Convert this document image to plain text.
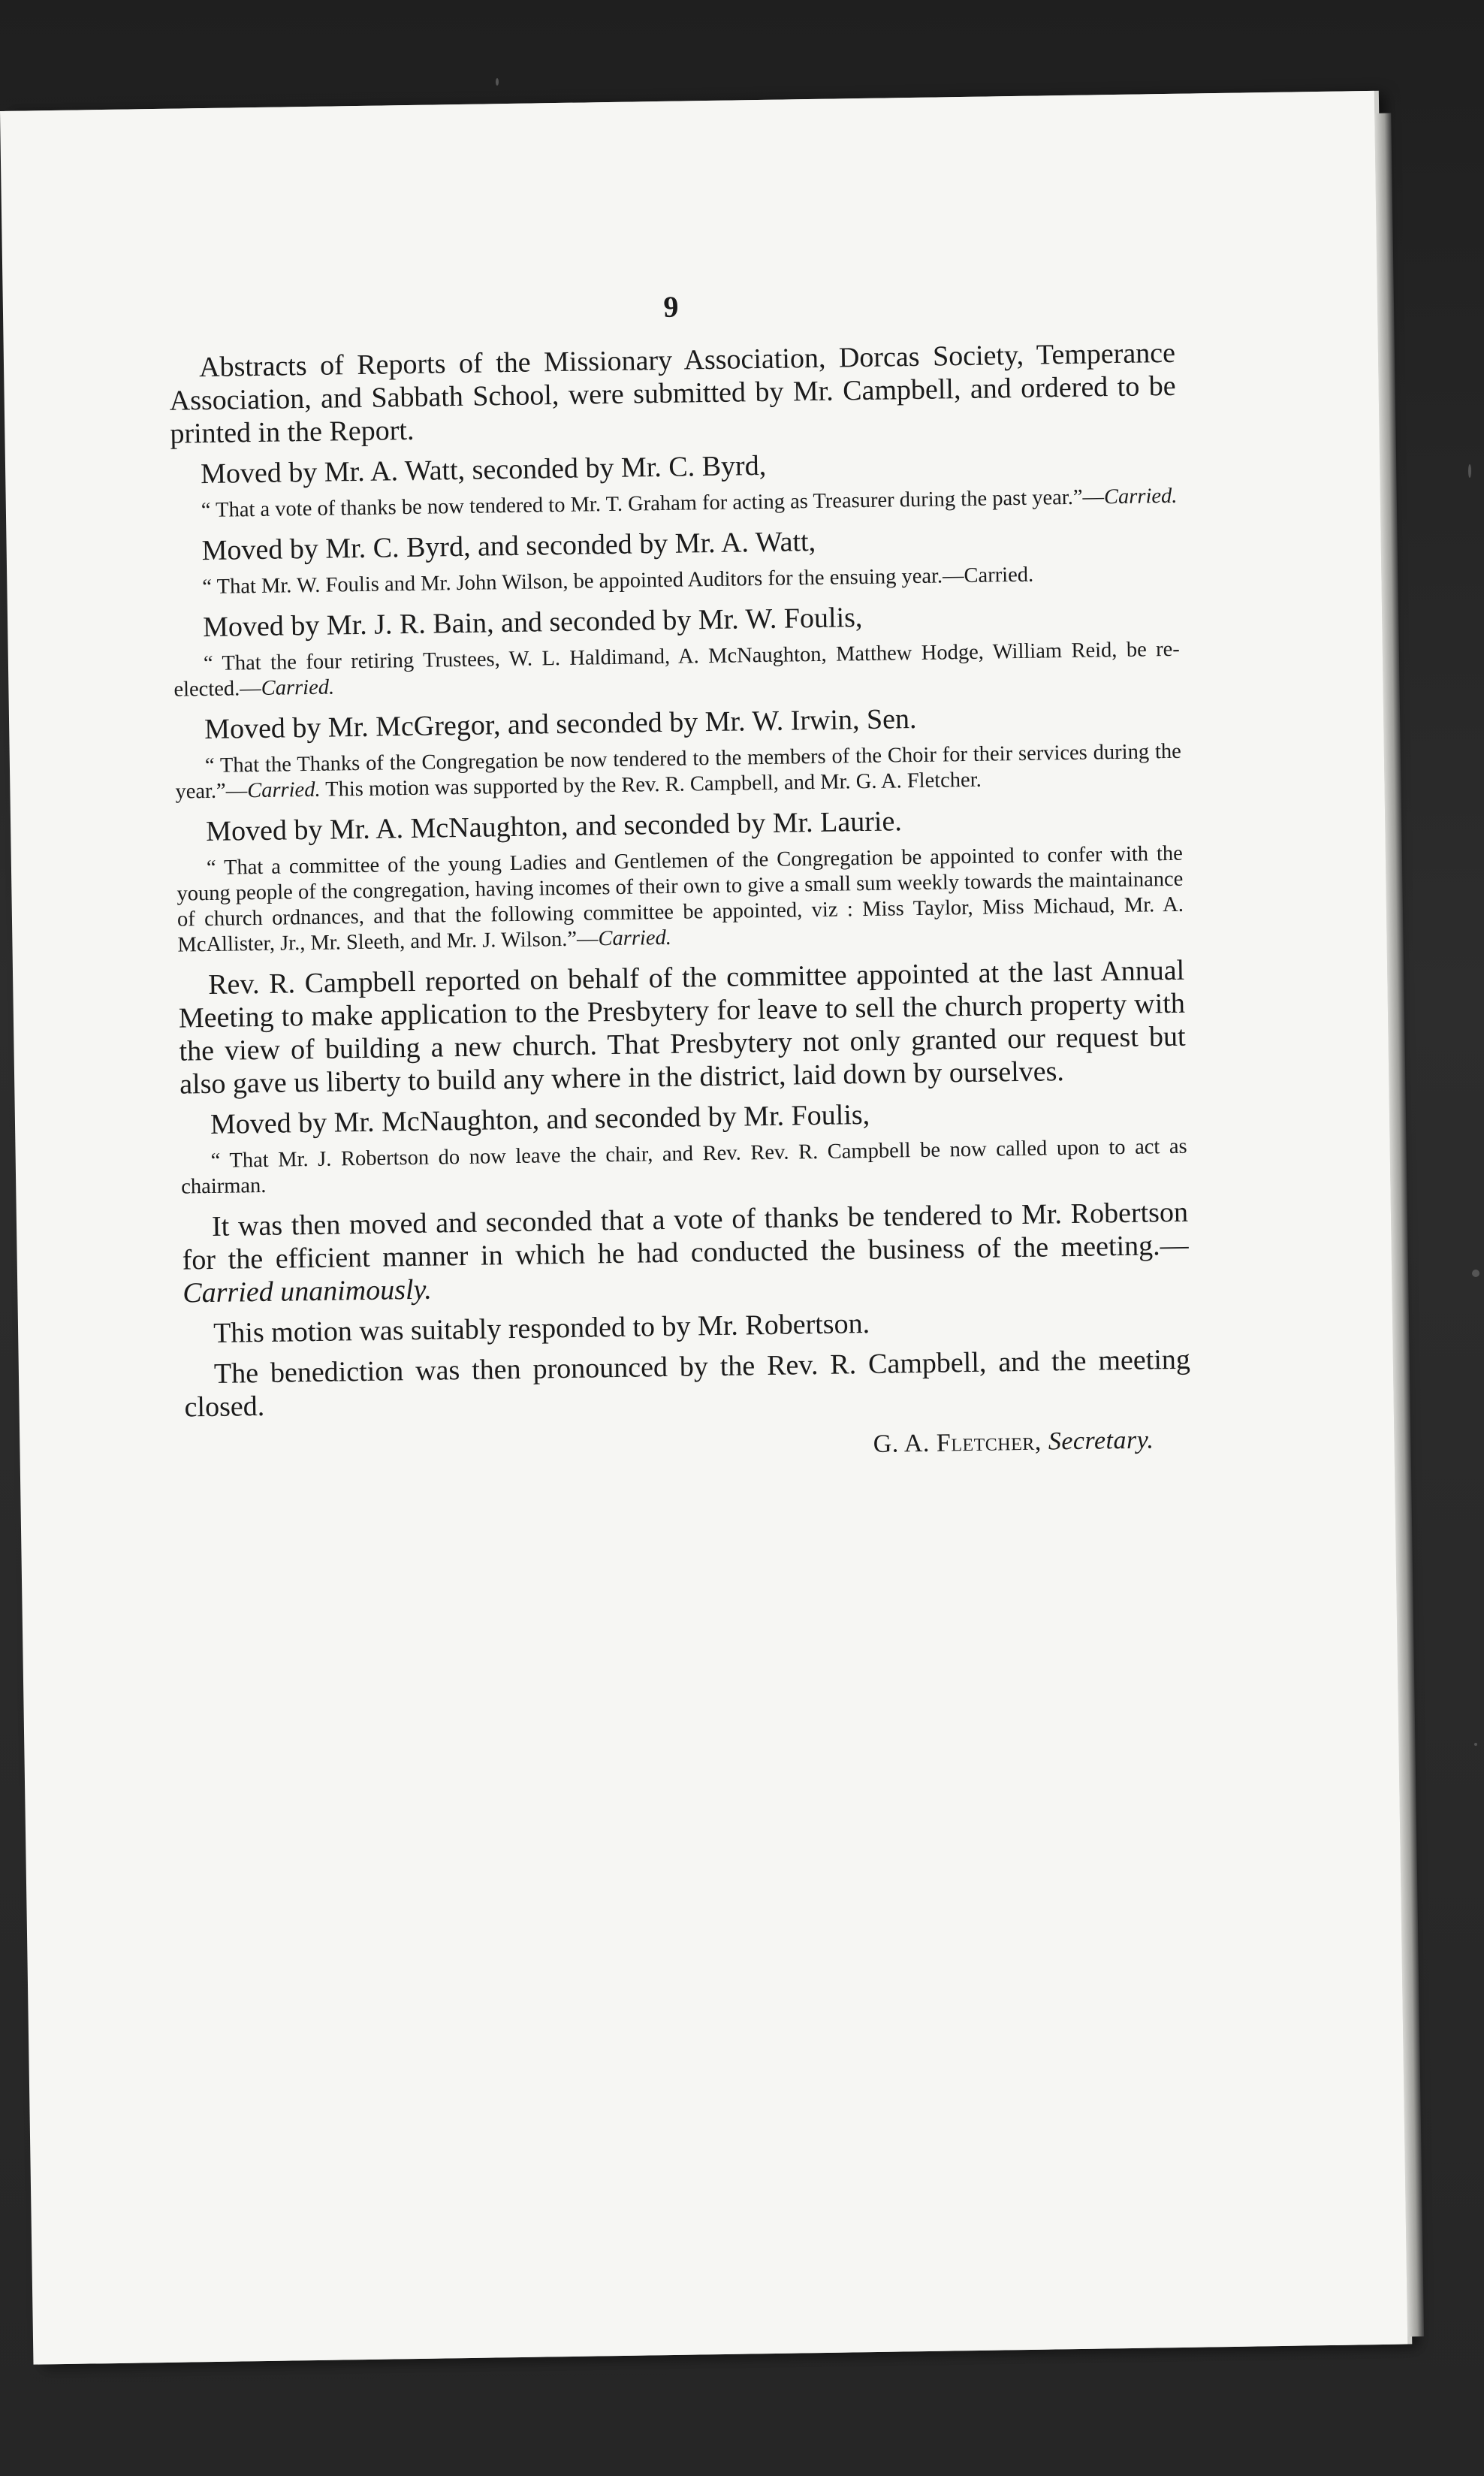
9

Abstracts of Reports of the Missionary Association, Dorcas Society, Temperance Association, and Sabbath School, were submitted by Mr. Campbell, and ordered to be printed in the Report.

Moved by Mr. A. Watt, seconded by Mr. C. Byrd,

“ That a vote of thanks be now tendered to Mr. T. Graham for acting as Treasurer during the past year.”—Carried.

Moved by Mr. C. Byrd, and seconded by Mr. A. Watt,

“ That Mr. W. Foulis and Mr. John Wilson, be appointed Auditors for the ensuing year.—Carried.

Moved by Mr. J. R. Bain, and seconded by Mr. W. Foulis,

“ That the four retiring Trustees, W. L. Haldimand, A. McNaughton, Matthew Hodge, William Reid, be re-elected.—Carried.

Moved by Mr. McGregor, and seconded by Mr. W. Irwin, Sen.

“ That the Thanks of the Congregation be now tendered to the members of the Choir for their services during the year.”—Carried. This motion was supported by the Rev. R. Campbell, and Mr. G. A. Fletcher.

Moved by Mr. A. McNaughton, and seconded by Mr. Laurie.

“ That a committee of the young Ladies and Gentlemen of the Congregation be appointed to confer with the young people of the congregation, having incomes of their own to give a small sum weekly towards the maintainance of church ordnances, and that the following committee be appointed, viz : Miss Taylor, Miss Michaud, Mr. A. McAllister, Jr., Mr. Sleeth, and Mr. J. Wilson.”—Carried.

Rev. R. Campbell reported on behalf of the committee appointed at the last Annual Meeting to make application to the Presbytery for leave to sell the church property with the view of building a new church. That Presbytery not only granted our request but also gave us liberty to build any where in the district, laid down by ourselves.

Moved by Mr. McNaughton, and seconded by Mr. Foulis,

“ That Mr. J. Robertson do now leave the chair, and Rev. Rev. R. Campbell be now called upon to act as chairman.

It was then moved and seconded that a vote of thanks be tendered to Mr. Robertson for the efficient manner in which he had conducted the business of the meeting.—Carried unanimously.

This motion was suitably responded to by Mr. Robertson.

The benediction was then pronounced by the Rev. R. Campbell, and the meeting closed.

G. A. Fletcher, Secretary.
